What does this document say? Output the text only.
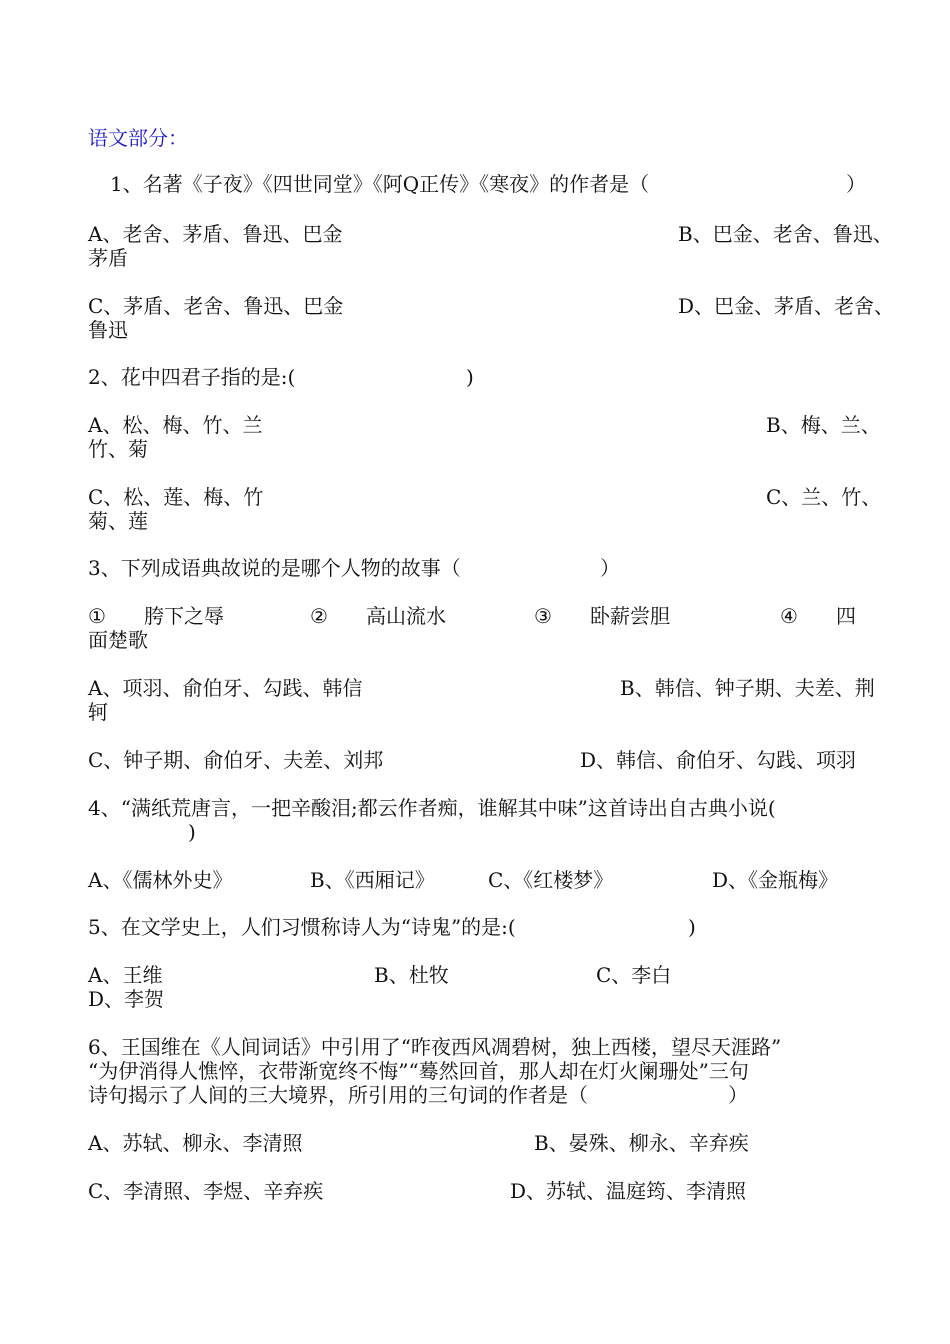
语文部分：
1、名著《子夜》《四世同堂》《阿Q正传》《寒夜》的作者是（	）
A、老舍、茅盾、鲁迅、巴金	B、巴金、老舍、鲁迅、
茅盾
C、茅盾、老舍、鲁迅、巴金	D、巴金、茅盾、老舍、
鲁迅
2、花中四君子指的是:(	)
A、松、梅、竹、兰	B、梅、兰、
竹、菊
C、松、莲、梅、竹	C、兰、竹、
菊、莲
3、下列成语典故说的是哪个人物的故事（	）
① 胯下之辱	② 高山流水	③ 卧薪尝胆	④ 四
面楚歌
A、项羽、俞伯牙、勾践、韩信	B、韩信、钟子期、夫差、荆
轲
C、钟子期、俞伯牙、夫差、刘邦	D、韩信、俞伯牙、勾践、项羽
4、“满纸荒唐言，一把辛酸泪;都云作者痴，谁解其中味”这首诗出自古典小说(
)
A、《儒林外史》	B、《西厢记》	C、《红楼梦》	D、《金瓶梅》
5、在文学史上，人们习惯称诗人为“诗鬼”的是:(	)
A、王维	B、杜牧	C、李白
D、李贺
6、王国维在《人间词话》中引用了“昨夜西风凋碧树，独上西楼，望尽天涯路”
“为伊消得人憔悴，衣带渐宽终不悔”“蓦然回首，那人却在灯火阑珊处”三句
诗句揭示了人间的三大境界，所引用的三句词的作者是（	）
A、苏轼、柳永、李清照	B、晏殊、柳永、辛弃疾
C、李清照、李煜、辛弃疾	D、苏轼、温庭筠、李清照
